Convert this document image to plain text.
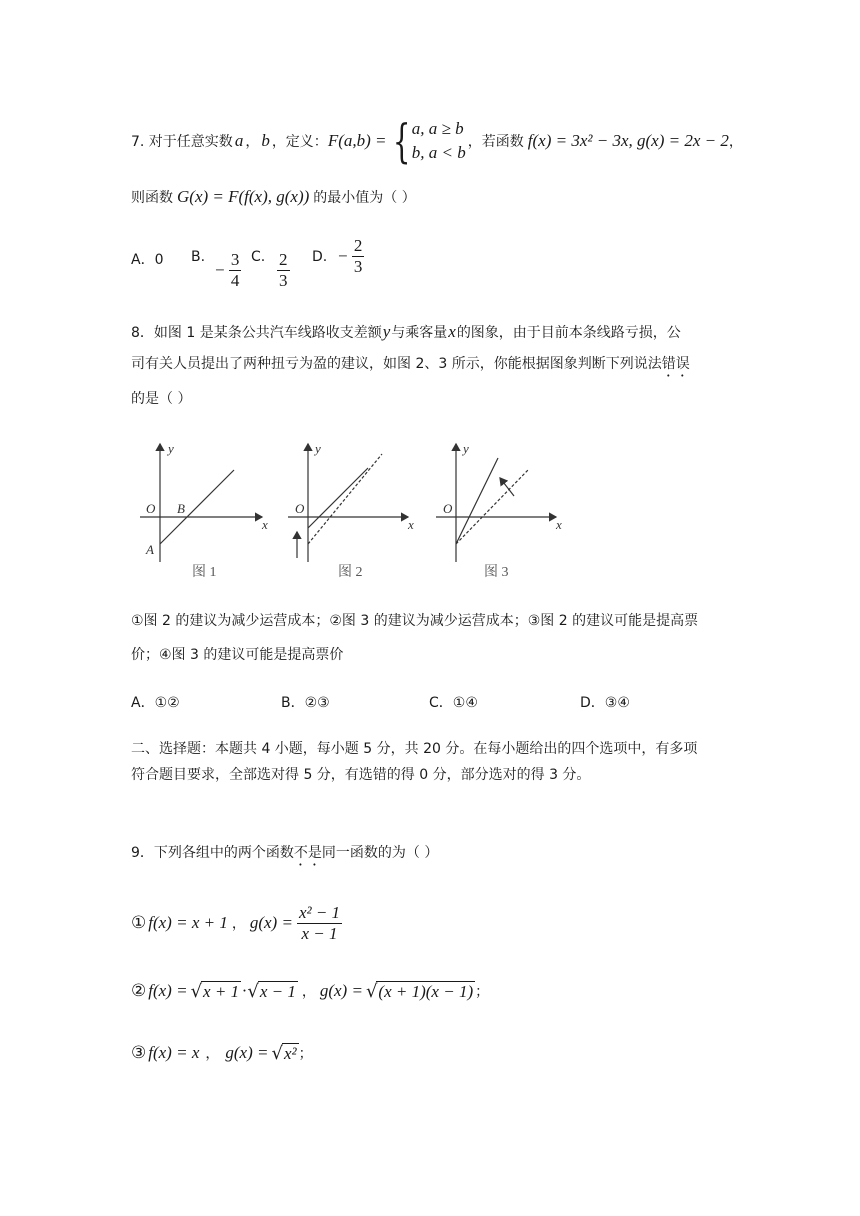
7. 对于任意实数 a ， b ，定义： F(a,b) = { a, a ≥ b
b, a < b
，若函数 f(x) = 3x² − 3x, g(x) = 2x − 2 ，
则函数 G(x) = F(f(x), g(x)) 的最小值为（ ）
A．0 B.
− $\frac{3}{4} C$. $\frac{2}{3} D$. − $\frac{2}{3}$
8．如图 1 是某条公共汽车线路收支差额 y 与乘客量 x 的图象，由于目前本条线路亏损，公
司有关人员提出了两种扭亏为盈的建议，如图 2、3 所示，你能根据图象判断下列说法错误
的是（ ）
y
x
O B
A
图 1
y
x
O
图 2
y
x
O
图 3
①图 2 的建议为减少运营成本；②图 3 的建议为减少运营成本；③图 2 的建议可能是提高票
价；④图 3 的建议可能是提高票价
A．①②	B．②③	C．①④	D．③④
二、选择题：本题共 4 小题，每小题 5 分，共 20 分。在每小题给出的四个选项中，有多项
符合题目要求，全部选对得 5 分，有选错的得 0 分，部分选对的得 3 分。
9．下列各组中的两个函数不是同一函数的为（ ）
① f(x) = x + 1 ， $g(x) = \frac{\text{x² − 1}}{x - 1}$
② f(x) = √ x + 1 · √ x − 1 ， g(x) = √ (x + 1)(x − 1) ；
③ f(x) = x ， g(x) = √ x² ；
